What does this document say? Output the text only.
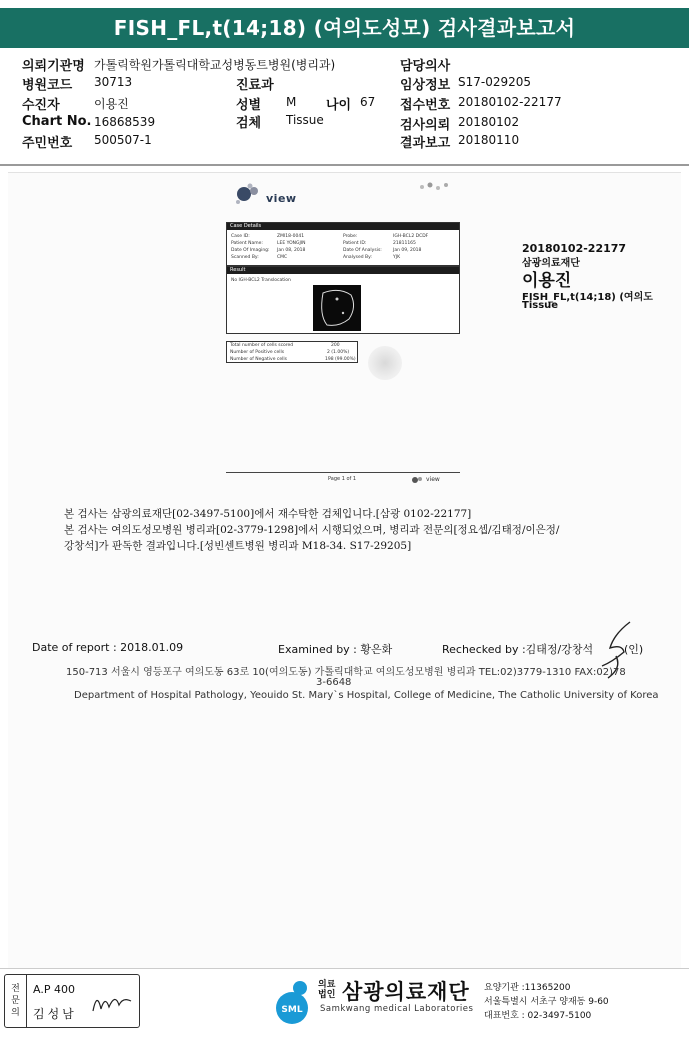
FISH_FL,t(14;18) (여의도성모) 검사결과보고서
의뢰기관명 가톨릭학원가톨릭대학교성병동트병원(병리과)	담당의사
병원코드 30713	진료과	임상정보 S17-029205
수진자	이용진	성별 M 나이 67 접수번호 20180102-22177
Chart No. 16868539	검체 Tissue	검사의뢰 20180102
주민번호 500507-1	결과보고 20180110
view
Case Details
Case ID:	ZMI18-0041	Probe:	IGH-BCL2 DCDF
Patient Name:	LEE YONGJIN	Patient ID:	21811165
Date Of Imaging: Jan 08, 2018	Date Of Analysis: Jan 09, 2018
Scanned By:	CMC	Analysed By:	YJK
Result
No IGH-BCL2 Translocation
Total number of cells scored	200
Number of Positive cells	2 (1.00%)
Number of Negative cells	198 (99.00%)
Page 1 of 1	view
20180102-22177
삼광의료재단
이용진
FISH_FL,t(14;18) (여의도
Tissue
본 검사는 삼광의료재단[02-3497-5100]에서 재수탁한 검체입니다.[삼광 0102-22177]
본 검사는 여의도성모병원 병리과[02-3779-1298]에서 시행되었으며, 병리과 전문의[정요셉/김태정/이은정/
강창석]가 판독한 결과입니다.[성빈센트병원 병리과 M18-34. S17-29205]
Date of report : 2018.01.09	Examined by : 황은화	Rechecked by :김태정/강창석	(인)
150-713 서울시 영등포구 여의도동 63로 10(여의도동) 가톨릭대학교 여의도성모병원 병리과 TEL:02)3779-1310 FAX:02)78
3-6648
Department of Hospital Pathology, Yeouido St. Mary`s Hospital, College of Medicine, The Catholic University of Korea
전
문
의
A.P 400
김성남	SML
의료
법인 삼광의료재단
Samkwang medical Laboratories
요양기관 :11365200
서울특별시 서초구 양재동 9-60
대표번호 : 02-3497-5100
